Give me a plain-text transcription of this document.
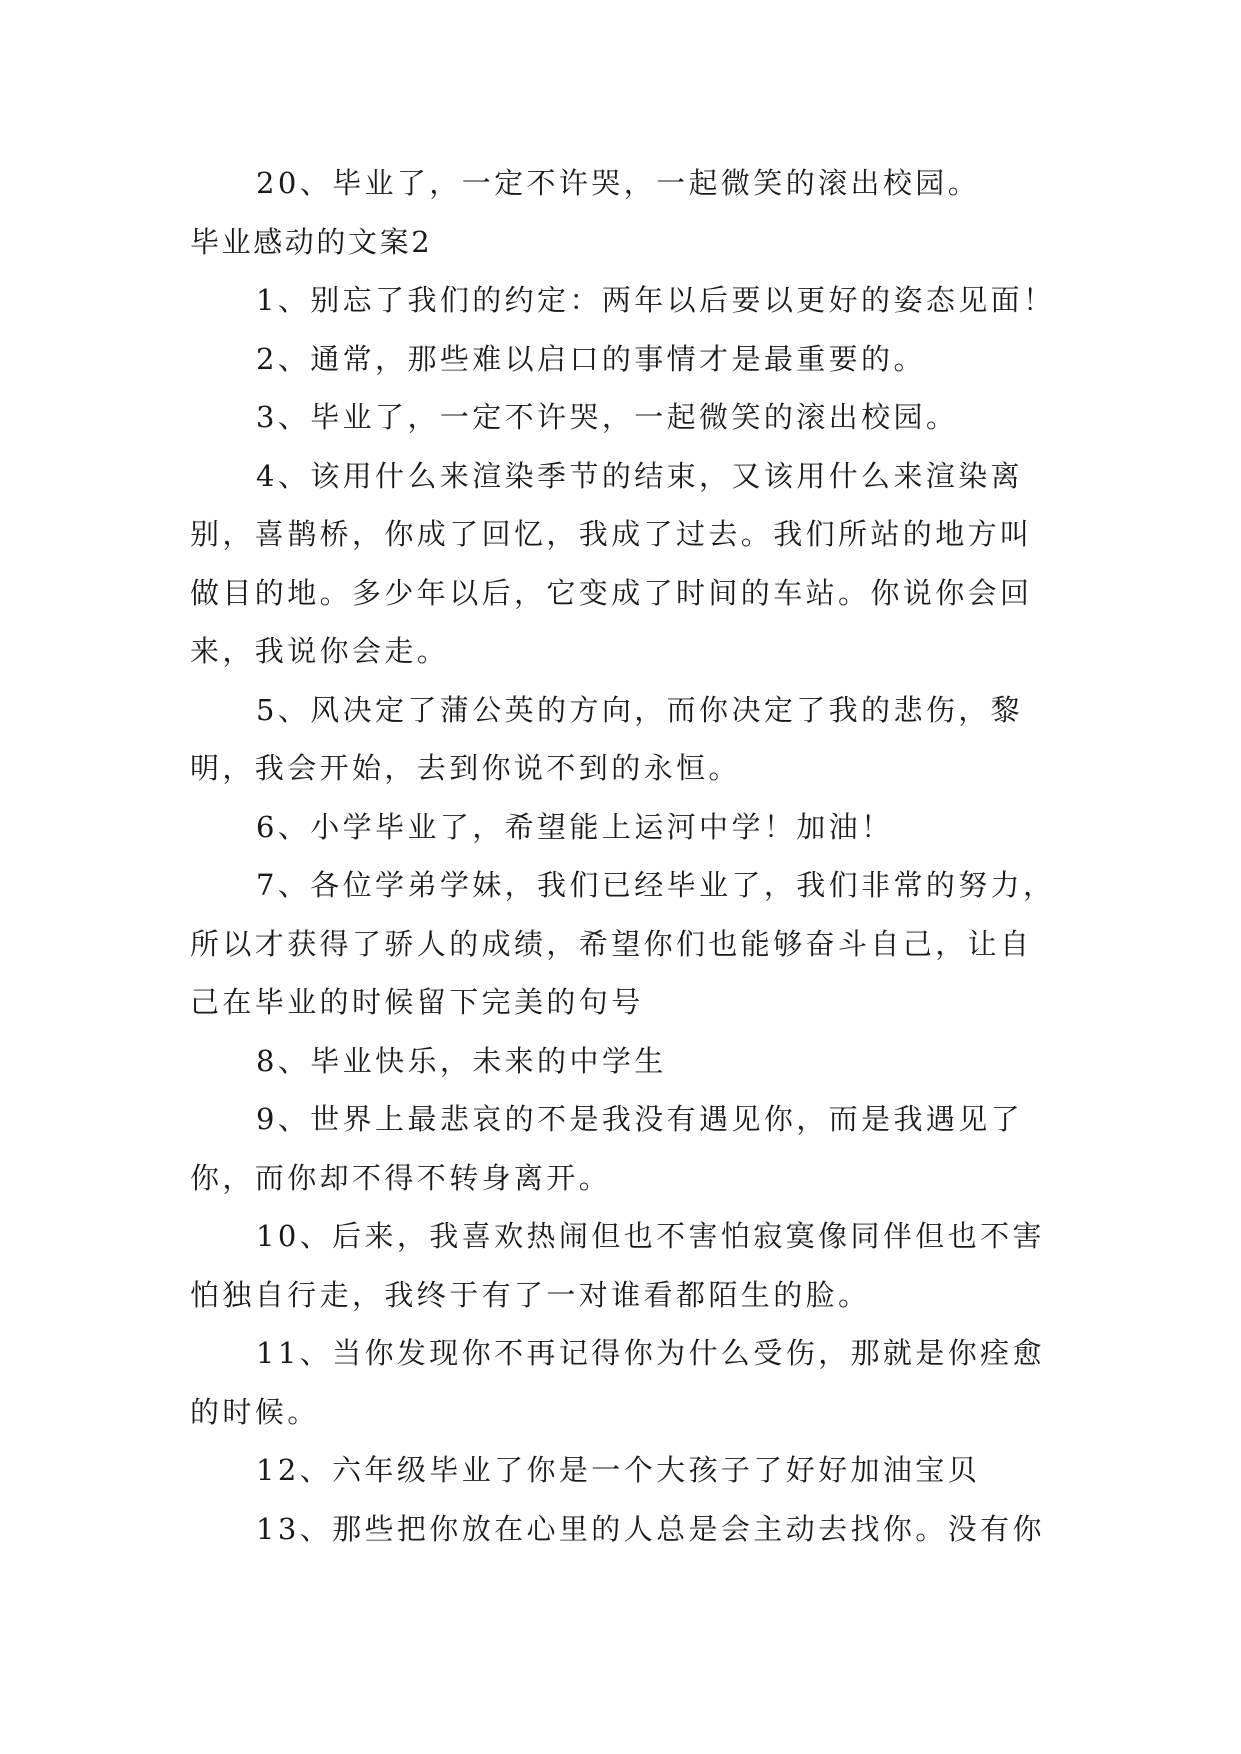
20、毕业了，一定不许哭，一起微笑的滚出校园。
毕业感动的文案2
1、别忘了我们的约定：两年以后要以更好的姿态见面！
2、通常，那些难以启口的事情才是最重要的。
3、毕业了，一定不许哭，一起微笑的滚出校园。
4、该用什么来渲染季节的结束，又该用什么来渲染离
别，喜鹊桥，你成了回忆，我成了过去。我们所站的地方叫
做目的地。多少年以后，它变成了时间的车站。你说你会回
来，我说你会走。
5、风决定了蒲公英的方向，而你决定了我的悲伤，黎
明，我会开始，去到你说不到的永恒。
6、小学毕业了，希望能上运河中学！加油！
7、各位学弟学妹，我们已经毕业了，我们非常的努力，
所以才获得了骄人的成绩，希望你们也能够奋斗自己，让自
己在毕业的时候留下完美的句号
8、毕业快乐，未来的中学生
9、世界上最悲哀的不是我没有遇见你，而是我遇见了
你，而你却不得不转身离开。
10、后来，我喜欢热闹但也不害怕寂寞像同伴但也不害
怕独自行走，我终于有了一对谁看都陌生的脸。
11、当你发现你不再记得你为什么受伤，那就是你痊愈
的时候。
12、六年级毕业了你是一个大孩子了好好加油宝贝
13、那些把你放在心里的人总是会主动去找你。没有你
